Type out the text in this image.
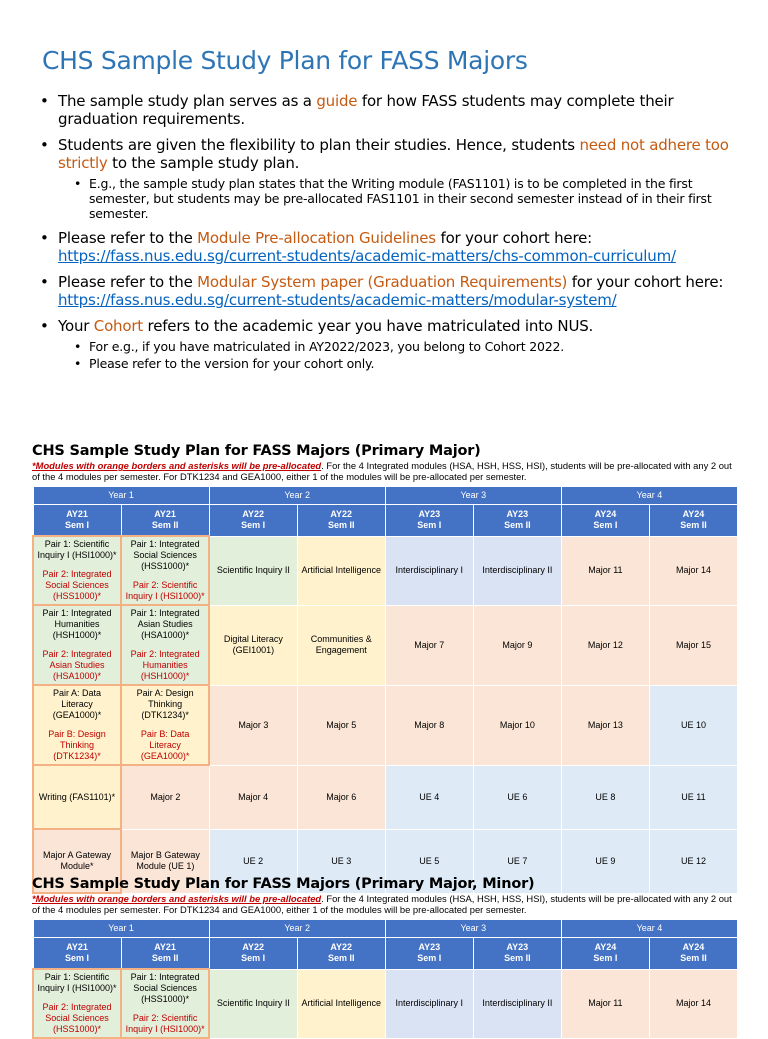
CHS Sample Study Plan for FASS Majors
• The sample study plan serves as a guide for how FASS students may complete their graduation requirements.
• Students are given the flexibility to plan their studies. Hence, students need not adhere too strictly to the sample study plan.
• E.g., the sample study plan states that the Writing module (FAS1101) is to be completed in the first semester, but students may be pre-allocated FAS1101 in their second semester instead of in their first semester.
• Please refer to the Module Pre-allocation Guidelines for your cohort here: https://fass.nus.edu.sg/current-students/academic-matters/chs-common-curriculum/
• Please refer to the Modular System paper (Graduation Requirements) for your cohort here: https://fass.nus.edu.sg/current-students/academic-matters/modular-system/
• Your Cohort refers to the academic year you have matriculated into NUS.
• For e.g., if you have matriculated in AY2022/2023, you belong to Cohort 2022.
• Please refer to the version for your cohort only.
CHS Sample Study Plan for FASS Majors (Primary Major)
*Modules with orange borders and asterisks will be pre-allocated. For the 4 Integrated modules (HSA, HSH, HSS, HSI), students will be pre-allocated with any 2 out of the 4 modules per semester. For DTK1234 and GEA1000, either 1 of the modules will be pre-allocated per semester.
Year 1		Year 2		Year 3		Year 4	

AY21
Sem I	AY21
Sem II	AY22
Sem I	AY22
Sem II	AY23
Sem I	AY23
Sem II	AY24
Sem I	AY24
Sem II

Pair 1: Scientific Inquiry I (HSI1000)*
Pair 2: Integrated Social Sciences (HSS1000)*	Pair 1: Integrated Social Sciences (HSS1000)*
Pair 2: Scientific Inquiry I (HSI1000)*	Scientific Inquiry II	Artificial Intelligence	Interdisciplinary I	Interdisciplinary II	Major 11	Major 14

Pair 1: Integrated Humanities (HSH1000)*
Pair 2: Integrated Asian Studies (HSA1000)*	Pair 1: Integrated Asian Studies (HSA1000)*
Pair 2: Integrated Humanities (HSH1000)*	Digital Literacy (GEI1001)	Communities & Engagement	Major 7	Major 9	Major 12	Major 15

Pair A: Data Literacy (GEA1000)*
Pair B: Design Thinking (DTK1234)*	Pair A: Design Thinking (DTK1234)*
Pair B: Data Literacy (GEA1000)*	Major 3	Major 5	Major 8	Major 10	Major 13	UE 10
Writing (FAS1101)*	Major 2	Major 4	Major 6	UE 4	UE 6	UE 8	UE 11
Major A Gateway Module*	Major B Gateway Module (UE 1)	UE 2	UE 3	UE 5	UE 7	UE 9	UE 12
CHS Sample Study Plan for FASS Majors (Primary Major, Minor)
*Modules with orange borders and asterisks will be pre-allocated. For the 4 Integrated modules (HSA, HSH, HSS, HSI), students will be pre-allocated with any 2 out of the 4 modules per semester. For DTK1234 and GEA1000, either 1 of the modules will be pre-allocated per semester.
Year 1		Year 2		Year 3		Year 4	

AY21
Sem I	AY21
Sem II	AY22
Sem I	AY22
Sem II	AY23
Sem I	AY23
Sem II	AY24
Sem I	AY24
Sem II

Pair 1: Scientific Inquiry I (HSI1000)*
Pair 2: Integrated Social Sciences (HSS1000)*	Pair 1: Integrated Social Sciences (HSS1000)*
Pair 2: Scientific Inquiry I (HSI1000)*	Scientific Inquiry II	Artificial Intelligence	Interdisciplinary I	Interdisciplinary II	Major 11	Major 14
